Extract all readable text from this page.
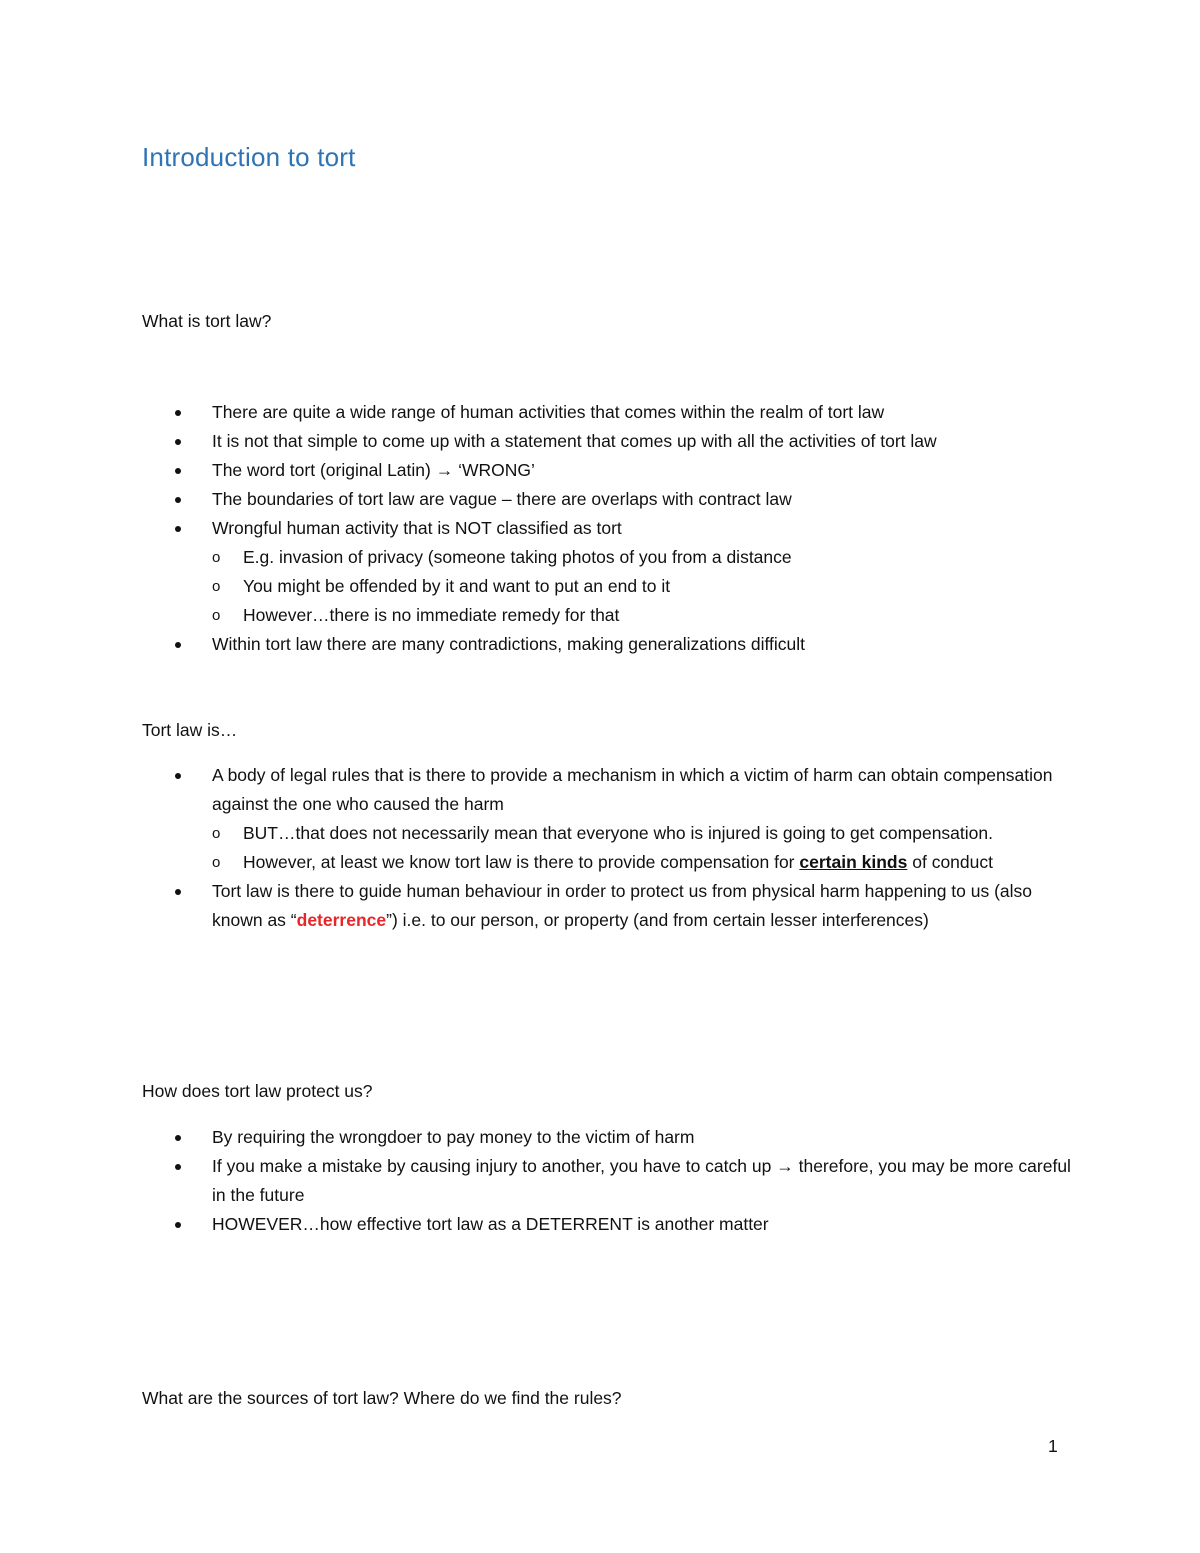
Introduction to tort
What is tort law?
There are quite a wide range of human activities that comes within the realm of tort law
It is not that simple to come up with a statement that comes up with all the activities of tort law
The word tort (original Latin) → ‘WRONG’
The boundaries of tort law are vague – there are overlaps with contract law
Wrongful human activity that is NOT classified as tort
o E.g. invasion of privacy (someone taking photos of you from a distance
o You might be offended by it and want to put an end to it
o However…there is no immediate remedy for that
Within tort law there are many contradictions, making generalizations difficult
Tort law is…
A body of legal rules that is there to provide a mechanism in which a victim of harm can obtain compensation against the one who caused the harm
o BUT…that does not necessarily mean that everyone who is injured is going to get compensation.
o However, at least we know tort law is there to provide compensation for certain kinds of conduct
Tort law is there to guide human behaviour in order to protect us from physical harm happening to us (also known as “deterrence”) i.e. to our person, or property (and from certain lesser interferences)
How does tort law protect us?
By requiring the wrongdoer to pay money to the victim of harm
If you make a mistake by causing injury to another, you have to catch up → therefore, you may be more careful in the future
HOWEVER…how effective tort law as a DETERRENT is another matter
What are the sources of tort law? Where do we find the rules?
1
